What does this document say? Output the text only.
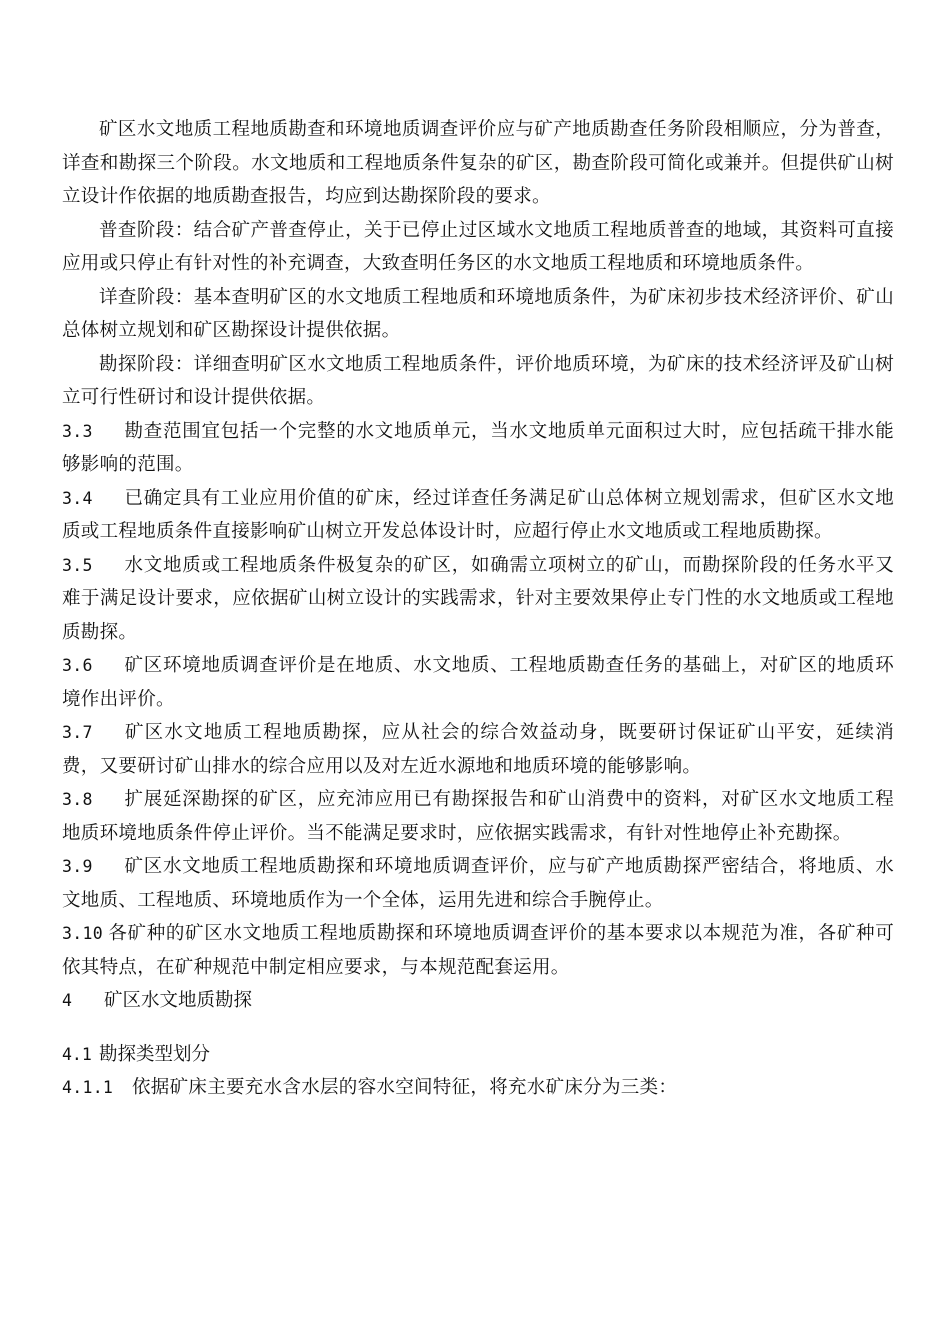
矿区水文地质工程地质勘查和环境地质调查评价应与矿产地质勘查任务阶段相顺应，分为普查，详查和勘探三个阶段。水文地质和工程地质条件复杂的矿区，勘查阶段可简化或兼并。但提供矿山树立设计作依据的地质勘查报告，均应到达勘探阶段的要求。

普查阶段：结合矿产普查停止，关于已停止过区域水文地质工程地质普查的地域，其资料可直接应用或只停止有针对性的补充调查，大致查明任务区的水文地质工程地质和环境地质条件。

详查阶段：基本查明矿区的水文地质工程地质和环境地质条件，为矿床初步技术经济评价、矿山总体树立规划和矿区勘探设计提供依据。

勘探阶段：详细查明矿区水文地质工程地质条件，评价地质环境，为矿床的技术经济评及矿山树立可行性研讨和设计提供依据。

3.3 勘查范围宜包括一个完整的水文地质单元，当水文地质单元面积过大时，应包括疏干排水能够影响的范围。

3.4 已确定具有工业应用价值的矿床，经过详查任务满足矿山总体树立规划需求，但矿区水文地质或工程地质条件直接影响矿山树立开发总体设计时，应超行停止水文地质或工程地质勘探。

3.5 水文地质或工程地质条件极复杂的矿区，如确需立项树立的矿山，而勘探阶段的任务水平又难于满足设计要求，应依据矿山树立设计的实践需求，针对主要效果停止专门性的水文地质或工程地质勘探。

3.6 矿区环境地质调查评价是在地质、水文地质、工程地质勘查任务的基础上，对矿区的地质环境作出评价。

3.7 矿区水文地质工程地质勘探，应从社会的综合效益动身，既要研讨保证矿山平安，延续消费，又要研讨矿山排水的综合应用以及对左近水源地和地质环境的能够影响。

3.8 扩展延深勘探的矿区，应充沛应用已有勘探报告和矿山消费中的资料，对矿区水文地质工程地质环境地质条件停止评价。当不能满足要求时，应依据实践需求，有针对性地停止补充勘探。

3.9 矿区水文地质工程地质勘探和环境地质调查评价，应与矿产地质勘探严密结合，将地质、水文地质、工程地质、环境地质作为一个全体，运用先进和综合手腕停止。

3.10 各矿种的矿区水文地质工程地质勘探和环境地质调查评价的基本要求以本规范为准，各矿种可依其特点，在矿种规范中制定相应要求，与本规范配套运用。

4 矿区水文地质勘探

4.1 勘探类型划分

4.1.1 依据矿床主要充水含水层的容水空间特征，将充水矿床分为三类：
